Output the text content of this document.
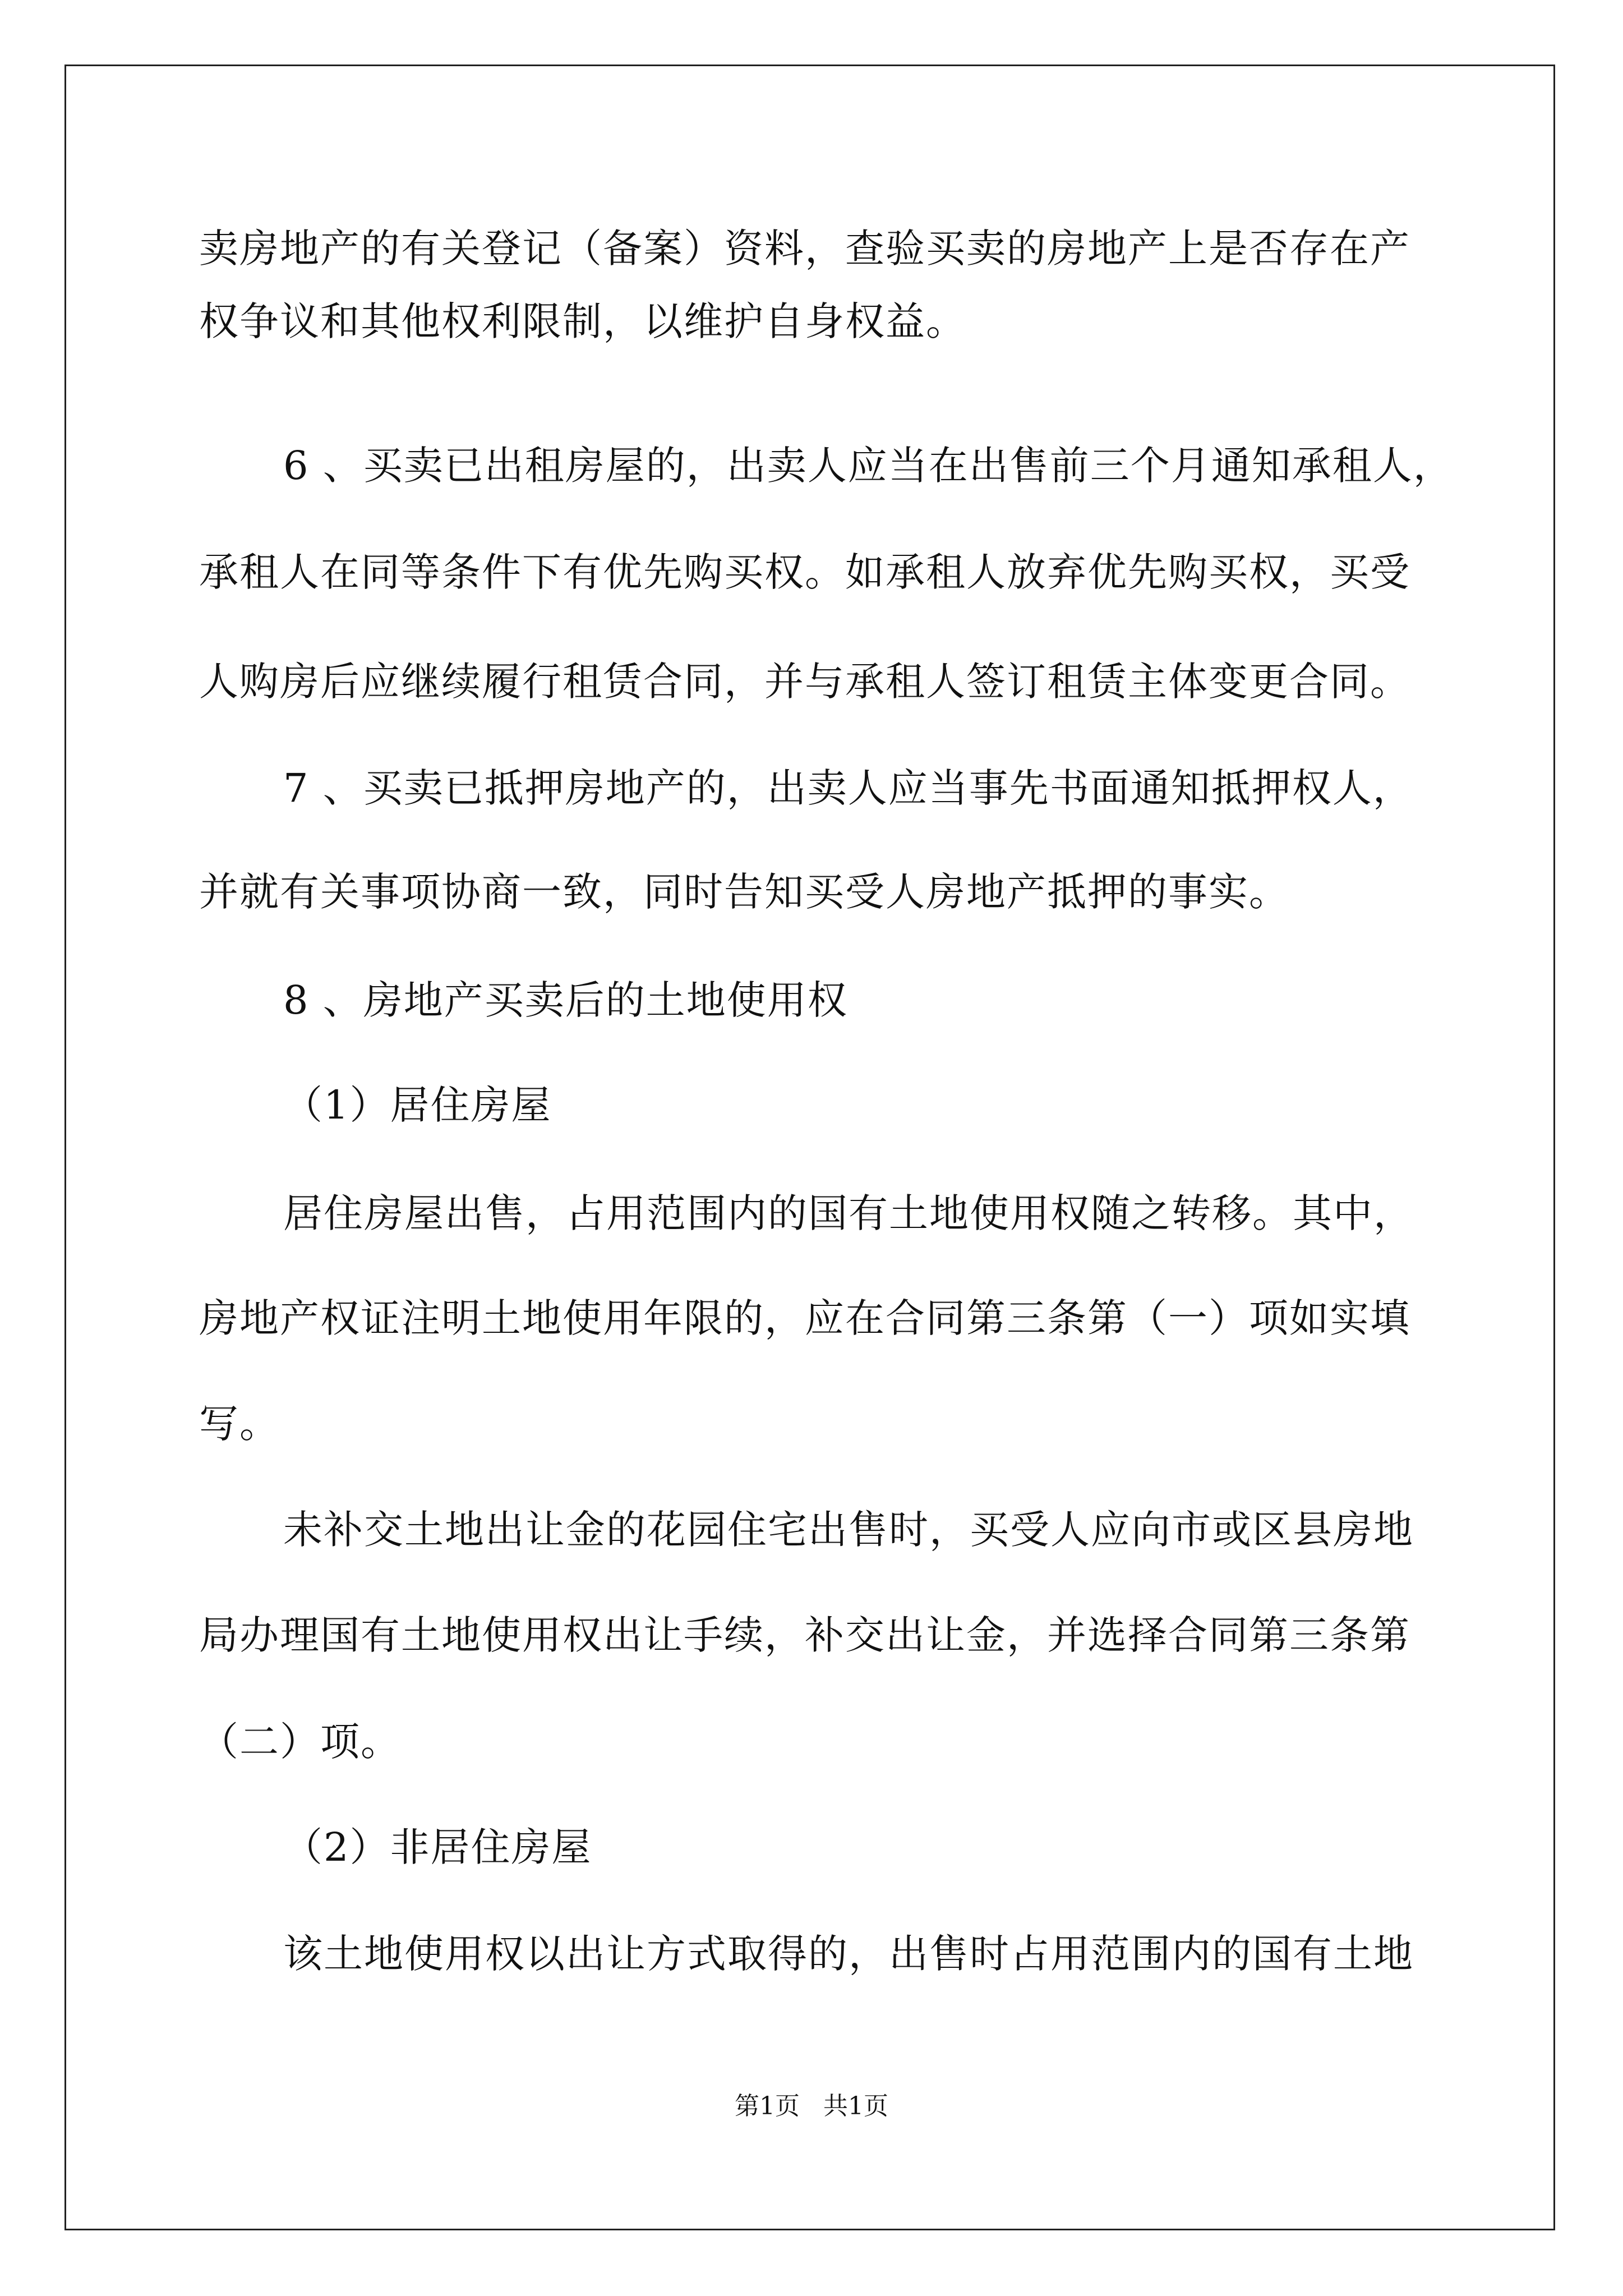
卖房地产的有关登记（备案）资料，查验买卖的房地产上是否存在产
权争议和其他权利限制，以维护自身权益。
6 、买卖已出租房屋的，出卖人应当在出售前三个月通知承租人，
承租人在同等条件下有优先购买权。如承租人放弃优先购买权，买受
人购房后应继续履行租赁合同，并与承租人签订租赁主体变更合同。
7 、买卖已抵押房地产的，出卖人应当事先书面通知抵押权人，
并就有关事项协商一致，同时告知买受人房地产抵押的事实。
8 、房地产买卖后的土地使用权
（1）居住房屋
居住房屋出售，占用范围内的国有土地使用权随之转移。其中，
房地产权证注明土地使用年限的，应在合同第三条第（一）项如实填
写。
未补交土地出让金的花园住宅出售时，买受人应向市或区县房地
局办理国有土地使用权出让手续，补交出让金，并选择合同第三条第
（二）项。
（2）非居住房屋
该土地使用权以出让方式取得的，出售时占用范围内的国有土地
第1页   共1页
